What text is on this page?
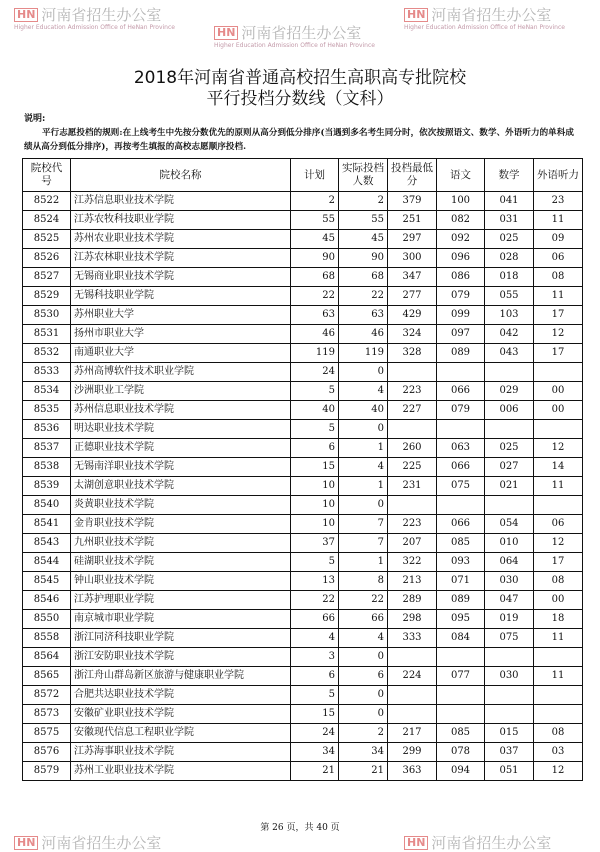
HN 河南省招生办公室
Higher Education Admission Office of HeNan Province	HN 河南省招生办公室
Higher Education Admission Office of HeNan Province
HN 河南省招生办公室
Higher Education Admission Office of HeNan Province
HN 河南省招生办公室	HN 河南省招生办公室
2018年河南省普通高校招生高职高专批院校
平行投档分数线（文科）
说明:
平行志愿投档的规则:在上线考生中先按分数优先的原则从高分到低分排序(当遇到多名考生同分时，依次按照语文、数学、外语听力的单科成绩从高分到低分排序)，再按考生填报的高校志愿顺序投档.
院校代号	院校名称	计划	实际投档人数	投档最低分	语文	数学	外语听力
8522	江苏信息职业技术学院	2	2	379	100	041	23
8524	江苏农牧科技职业学院	55	55	251	082	031	11
8525	苏州农业职业技术学院	45	45	297	092	025	09
8526	江苏农林职业技术学院	90	90	300	096	028	06
8527	无锡商业职业技术学院	68	68	347	086	018	08
8529	无锡科技职业学院	22	22	277	079	055	11
8530	苏州职业大学	63	63	429	099	103	17
8531	扬州市职业大学	46	46	324	097	042	12
8532	南通职业大学	119	119	328	089	043	17
8533	苏州高博软件技术职业学院	24	0				
8534	沙洲职业工学院	5	4	223	066	029	00
8535	苏州信息职业技术学院	40	40	227	079	006	00
8536	明达职业技术学院	5	0				
8537	正德职业技术学院	6	1	260	063	025	12
8538	无锡南洋职业技术学院	15	4	225	066	027	14
8539	太湖创意职业技术学院	10	1	231	075	021	11
8540	炎黄职业技术学院	10	0				
8541	金肯职业技术学院	10	7	223	066	054	06
8543	九州职业技术学院	37	7	207	085	010	12
8544	硅湖职业技术学院	5	1	322	093	064	17
8545	钟山职业技术学院	13	8	213	071	030	08
8546	江苏护理职业学院	22	22	289	089	047	00
8550	南京城市职业学院	66	66	298	095	019	18
8558	浙江同济科技职业学院	4	4	333	084	075	11
8564	浙江安防职业技术学院	3	0				
8565	浙江舟山群岛新区旅游与健康职业学院	6	6	224	077	030	11
8572	合肥共达职业技术学院	5	0				
8573	安徽矿业职业技术学院	15	0				
8575	安徽现代信息工程职业学院	24	2	217	085	015	08
8576	江苏海事职业技术学院	34	34	299	078	037	03
8579	苏州工业职业技术学院	21	21	363	094	051	12
第 26 页，共 40 页
